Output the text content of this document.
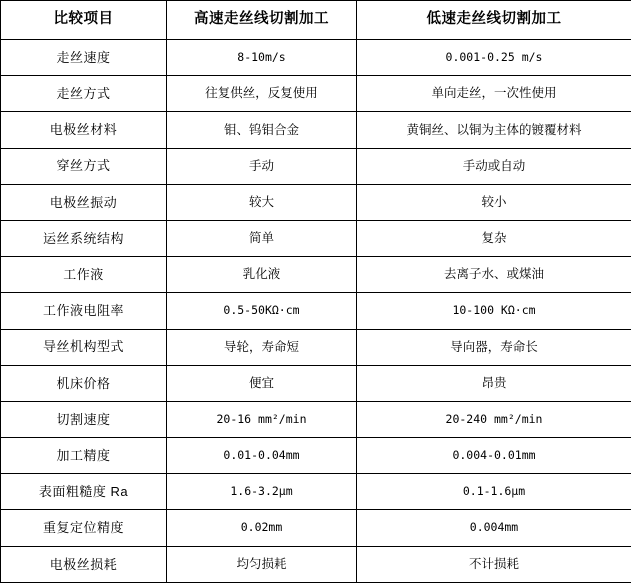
比较项目	高速走丝线切割加工	低速走丝线切割加工
走丝速度	8-10m/s	0.001-0.25 m/s
走丝方式	往复供丝，反复使用	单向走丝，一次性使用
电极丝材料	钼、钨钼合金	黄铜丝、以铜为主体的镀覆材料
穿丝方式	手动	手动或自动
电极丝振动	较大	较小
运丝系统结构	简单	复杂
工作液	乳化液	去离子水、或煤油
工作液电阻率	0.5-50KΩ·cm	10-100 KΩ·cm
导丝机构型式	导轮，寿命短	导向器，寿命长
机床价格	便宜	昂贵
切割速度	20-16 mm²/min	20-240 mm²/min
加工精度	0.01-0.04mm	0.004-0.01mm
表面粗糙度 Ra	1.6-3.2μm	0.1-1.6μm
重复定位精度	0.02mm	0.004mm
电极丝损耗	均匀损耗	不计损耗
